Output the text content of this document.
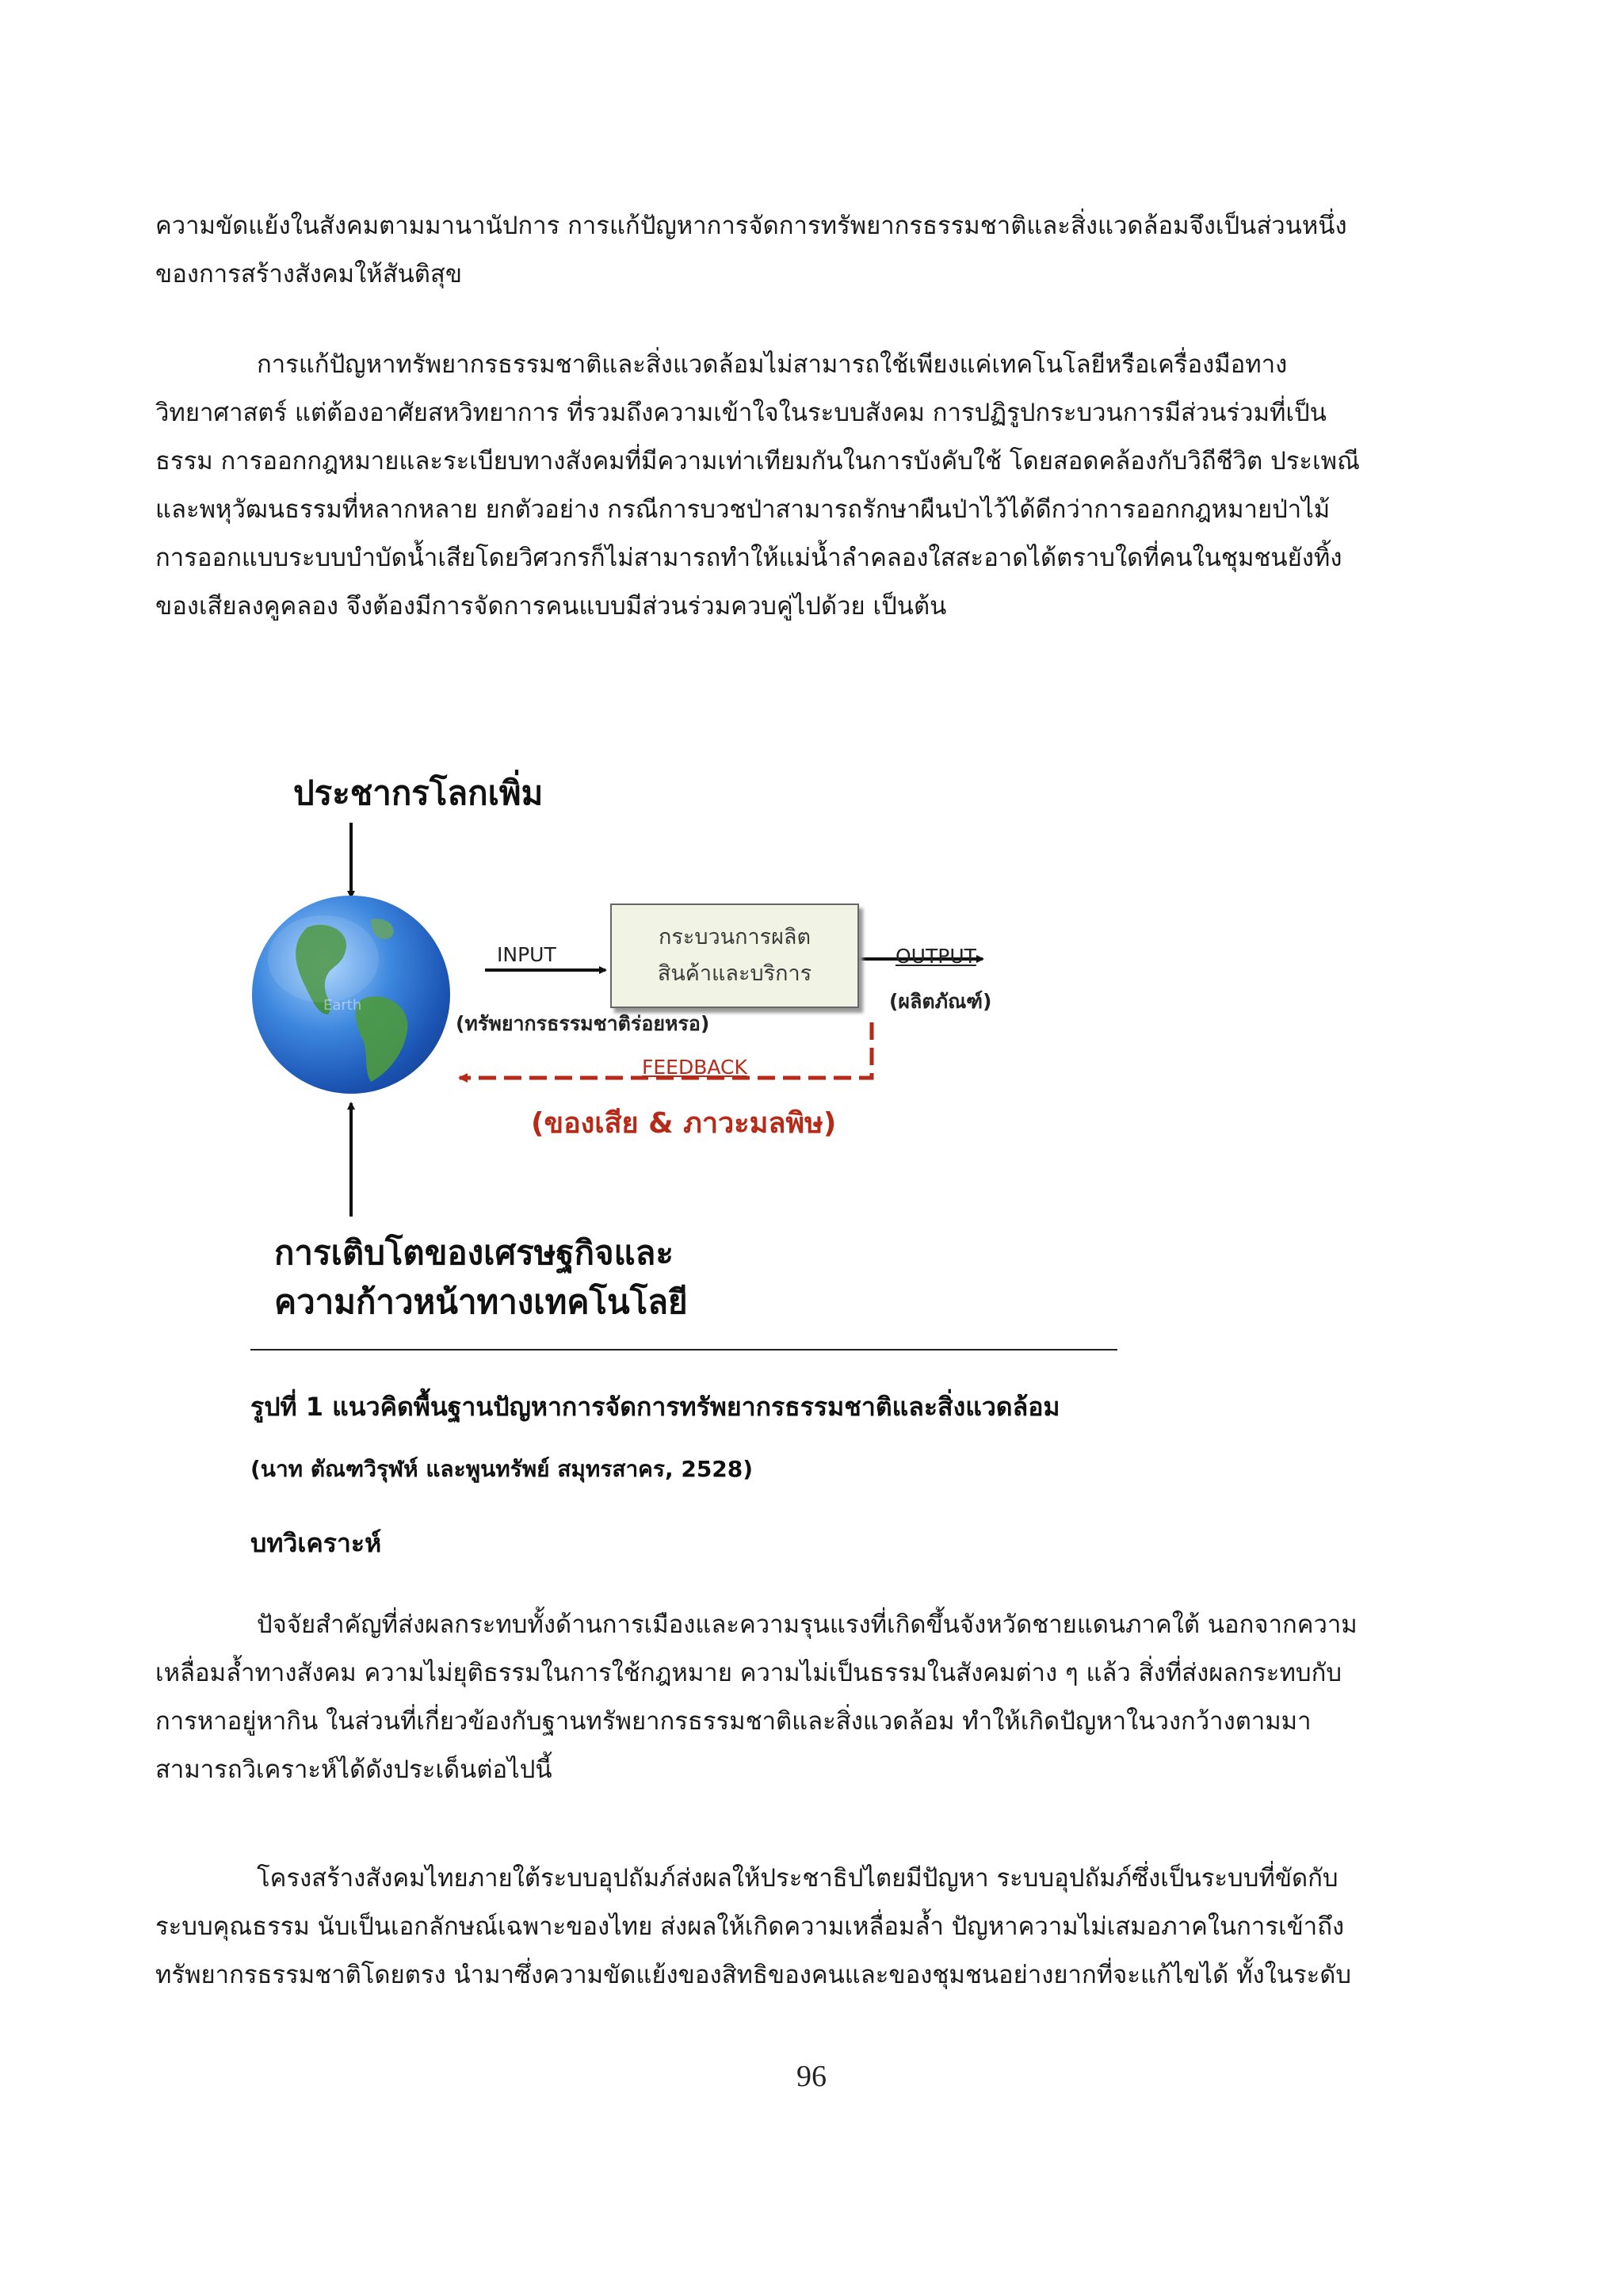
ความขัดแย้งในสังคมตามมานานัปการ การแก้ปัญหาการจัดการทรัพยากรธรรมชาติและสิ่งแวดล้อมจึงเป็นส่วนหนึ่ง
ของการสร้างสังคมให้สันติสุข
การแก้ปัญหาทรัพยากรธรรมชาติและสิ่งแวดล้อมไม่สามารถใช้เพียงแค่เทคโนโลยีหรือเครื่องมือทาง
วิทยาศาสตร์ แต่ต้องอาศัยสหวิทยาการ ที่รวมถึงความเข้าใจในระบบสังคม การปฏิรูปกระบวนการมีส่วนร่วมที่เป็น
ธรรม การออกกฎหมายและระเบียบทางสังคมที่มีความเท่าเทียมกันในการบังคับใช้ โดยสอดคล้องกับวิถีชีวิต ประเพณี
และพหุวัฒนธรรมที่หลากหลาย ยกตัวอย่าง กรณีการบวชป่าสามารถรักษาผืนป่าไว้ได้ดีกว่าการออกกฎหมายป่าไม้
การออกแบบระบบบำบัดน้ำเสียโดยวิศวกรก็ไม่สามารถทำให้แม่น้ำลำคลองใสสะอาดได้ตราบใดที่คนในชุมชนยังทิ้ง
ของเสียลงคูคลอง จึงต้องมีการจัดการคนแบบมีส่วนร่วมควบคู่ไปด้วย เป็นต้น
Earth
ประชากรโลกเพิ่ม
INPUT
(ทรัพยากรธรรมชาติร่อยหรอ)
กระบวนการผลิต
สินค้าและบริการ
OUTPUT
(ผลิตภัณฑ์)
FEEDBACK
(ของเสีย & ภาวะมลพิษ)
การเติบโตของเศรษฐกิจและ
ความก้าวหน้าทางเทคโนโลยี
รูปที่ 1 แนวคิดพื้นฐานปัญหาการจัดการทรัพยากรธรรมชาติและสิ่งแวดล้อม
(นาท ตัณฑวิรุฬห์ และพูนทรัพย์ สมุทรสาคร, 2528)
บทวิเคราะห์
ปัจจัยสำคัญที่ส่งผลกระทบทั้งด้านการเมืองและความรุนแรงที่เกิดขึ้นจังหวัดชายแดนภาคใต้ นอกจากความ
เหลื่อมล้ำทางสังคม ความไม่ยุติธรรมในการใช้กฎหมาย ความไม่เป็นธรรมในสังคมต่าง ๆ แล้ว สิ่งที่ส่งผลกระทบกับ
การหาอยู่หากิน ในส่วนที่เกี่ยวข้องกับฐานทรัพยากรธรรมชาติและสิ่งแวดล้อม ทำให้เกิดปัญหาในวงกว้างตามมา
สามารถวิเคราะห์ได้ดังประเด็นต่อไปนี้
โครงสร้างสังคมไทยภายใต้ระบบอุปถัมภ์ส่งผลให้ประชาธิปไตยมีปัญหา ระบบอุปถัมภ์ซึ่งเป็นระบบที่ขัดกับ
ระบบคุณธรรม นับเป็นเอกลักษณ์เฉพาะของไทย ส่งผลให้เกิดความเหลื่อมล้ำ ปัญหาความไม่เสมอภาคในการเข้าถึง
ทรัพยากรธรรมชาติโดยตรง นำมาซึ่งความขัดแย้งของสิทธิของคนและของชุมชนอย่างยากที่จะแก้ไขได้ ทั้งในระดับ
96
